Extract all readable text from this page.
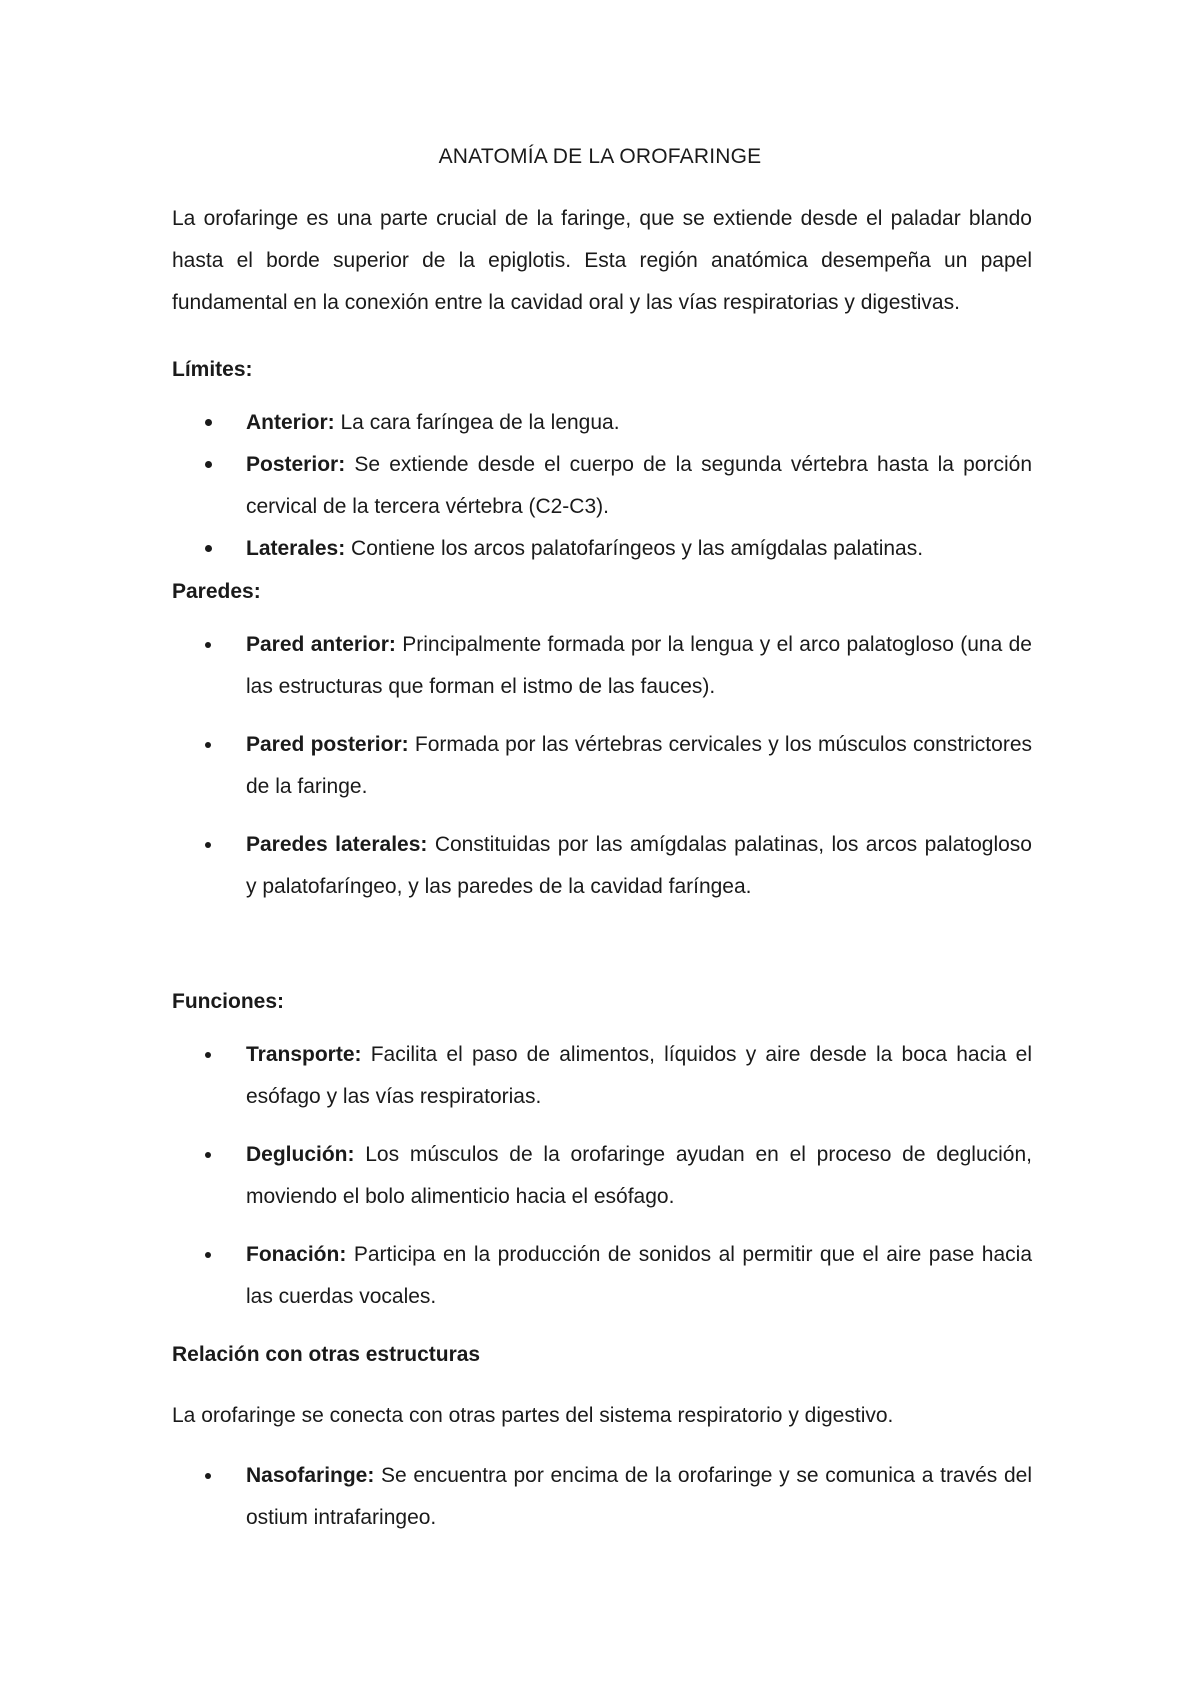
ANATOMÍA DE LA OROFARINGE
La orofaringe es una parte crucial de la faringe, que se extiende desde el paladar blando hasta el borde superior de la epiglotis. Esta región anatómica desempeña un papel fundamental en la conexión entre la cavidad oral y las vías respiratorias y digestivas.
Límites:
Anterior: La cara faríngea de la lengua.
Posterior: Se extiende desde el cuerpo de la segunda vértebra hasta la porción cervical de la tercera vértebra (C2-C3).
Laterales: Contiene los arcos palatofaríngeos y las amígdalas palatinas.
Paredes:
Pared anterior: Principalmente formada por la lengua y el arco palatogloso (una de las estructuras que forman el istmo de las fauces).
Pared posterior: Formada por las vértebras cervicales y los músculos constrictores de la faringe.
Paredes laterales: Constituidas por las amígdalas palatinas, los arcos palatogloso y palatofaríngeo, y las paredes de la cavidad faríngea.
Funciones:
Transporte: Facilita el paso de alimentos, líquidos y aire desde la boca hacia el esófago y las vías respiratorias.
Deglución: Los músculos de la orofaringe ayudan en el proceso de deglución, moviendo el bolo alimenticio hacia el esófago.
Fonación: Participa en la producción de sonidos al permitir que el aire pase hacia las cuerdas vocales.
Relación con otras estructuras
La orofaringe se conecta con otras partes del sistema respiratorio y digestivo.
Nasofaringe: Se encuentra por encima de la orofaringe y se comunica a través del ostium intrafaringeo.
